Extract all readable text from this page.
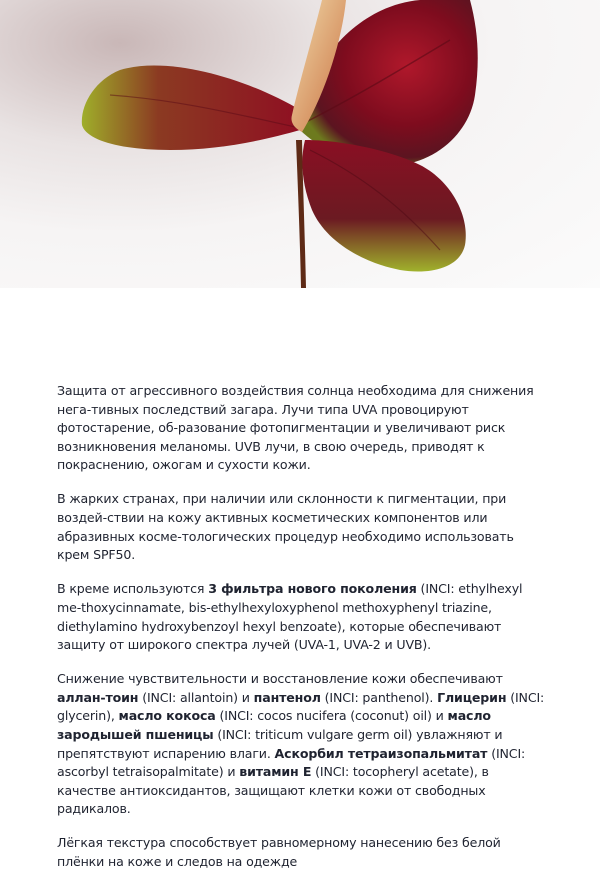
Защита от агрессивного воздействия солнца необходима для снижения нега-тивных последствий загара. Лучи типа UVA провоцируют фотостарение, об-разование фотопигментации и увеличивают риск возникновения меланомы. UVB лучи, в свою очередь, приводят к покраснению, ожогам и сухости кожи.

В жарких странах, при наличии или склонности к пигментации, при воздей-ствии на кожу активных косметических компонентов или абразивных косме-тологических процедур необходимо использовать крем SPF50.

В креме используются 3 фильтра нового поколения (INCI: ethylhexyl me-thoxycinnamate, bis-ethylhexyloxyphenol methoxyphenyl triazine, diethylamino hydroxybenzoyl hexyl benzoate), которые обеспечивают защиту от широкого спектра лучей (UVA-1, UVA-2 и UVB).

Снижение чувствительности и восстановление кожи обеспечивают аллан-тоин (INCI: allantoin) и пантенол (INCI: panthenol). Глицерин (INCI: glycerin), масло кокоса (INCI: cocos nucifera (coconut) oil) и масло зародышей пшеницы (INCI: triticum vulgare germ oil) увлажняют и препятствуют испарению влаги. Аскорбил тетраизопальмитат (INCI: ascorbyl tetraisopalmitate) и витамин Е (INCI: tocopheryl acetate), в качестве антиоксидантов, защищают клетки кожи от свободных радикалов.

Лёгкая текстура способствует равномерному нанесению без белой плёнки на коже и следов на одежде
